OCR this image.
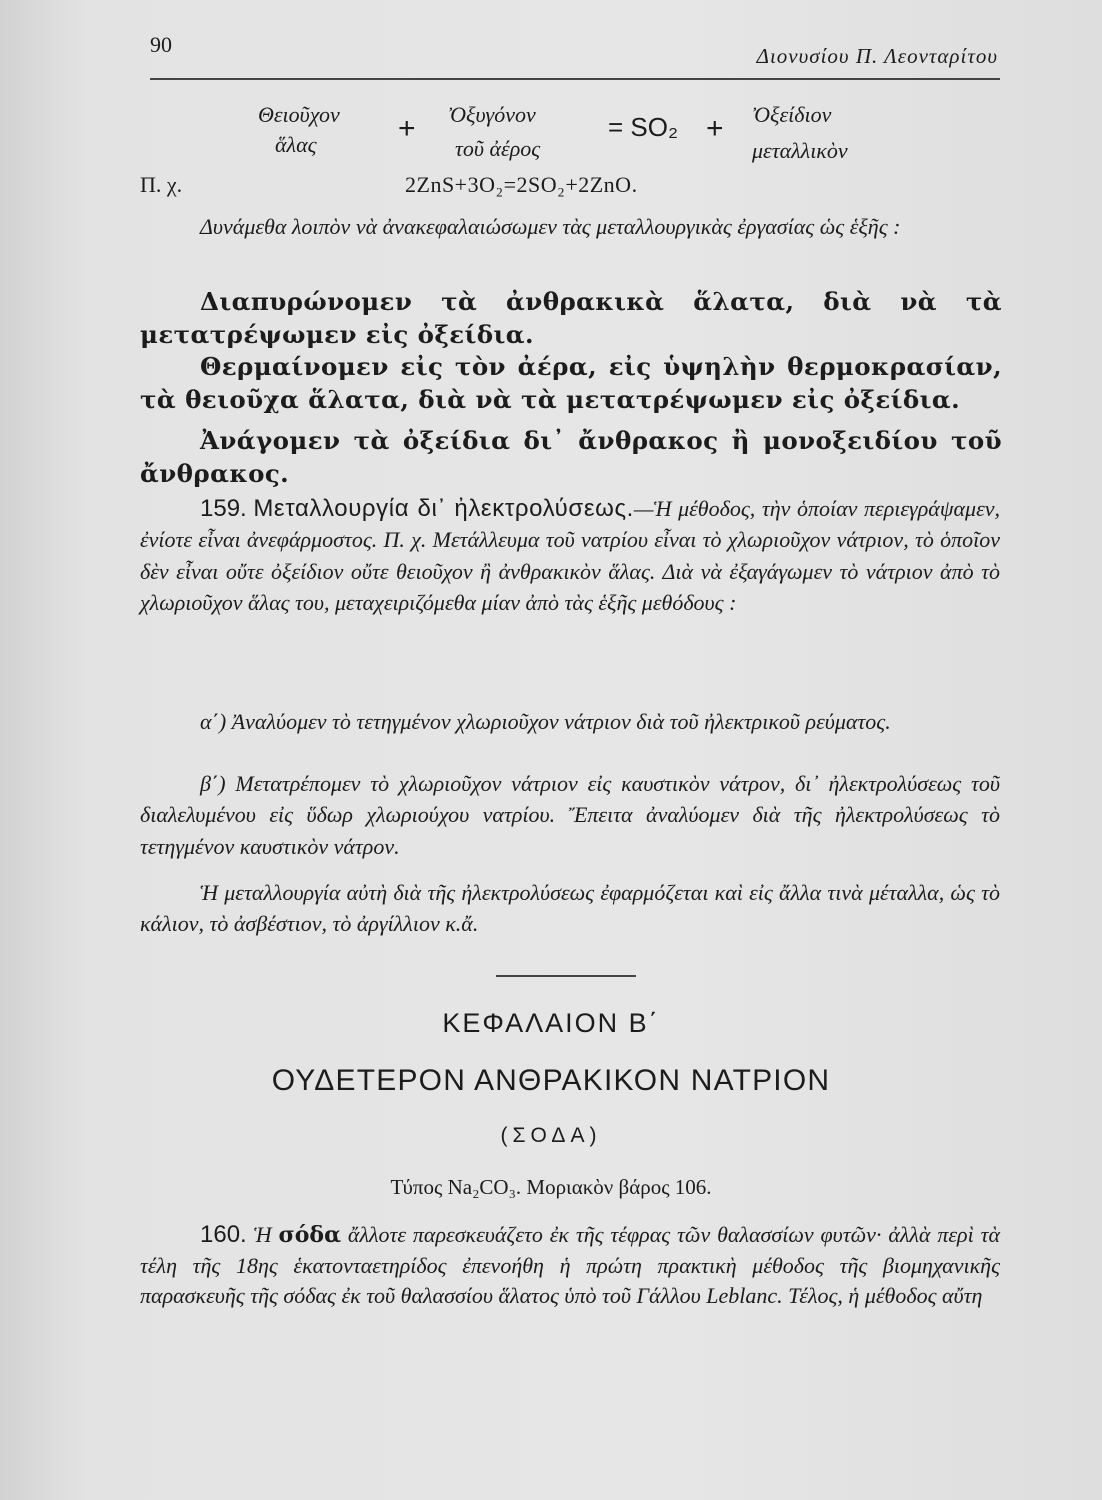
90	Διονυσίου Π. Λεονταρίτου
Θειοῦχον
ἅλας	+ Ὀξυγόνον
τοῦ ἀέρος
= SO₂ + Ὀξείδιον
μεταλλικὸν
Π. χ.	2ZnS+3O₂=2SO₂+2ZnO.
Δυνάμεθα λοιπὸν νὰ ἀνακεφαλαιώσωμεν τὰς μεταλλουργικὰς ἐργασίας ὡς ἑξῆς :
Διαπυρώνομεν τὰ ἀνθρακικὰ ἅλατα, διὰ νὰ τὰ μετατρέψωμεν εἰς ὀξείδια.
Θερμαίνομεν εἰς τὸν ἀέρα, εἰς ὑψηλὴν θερμοκρασίαν, τὰ θειοῦχα ἅλατα, διὰ νὰ τὰ μετατρέψωμεν εἰς ὀξείδια.
Ἀνάγομεν τὰ ὀξείδια δι᾽ ἄνθρακος ἢ μονοξειδίου τοῦ ἄνθρακος.
159. Μεταλλουργία δι᾽ ἠλεκτρολύσεως.—Ἡ μέθοδος, τὴν ὁποίαν περιεγράψαμεν, ἐνίοτε εἶναι ἀνεφάρμοστος. Π. χ. Μετάλλευμα τοῦ νατρίου εἶναι τὸ χλωριοῦχον νάτριον, τὸ ὁποῖον δὲν εἶναι οὔτε ὀξείδιον οὔτε θειοῦχον ἢ ἀνθρακικὸν ἅλας. Διὰ νὰ ἐξαγάγωμεν τὸ νάτριον ἀπὸ τὸ χλωριοῦχον ἅλας του, μεταχειριζόμεθα μίαν ἀπὸ τὰς ἑξῆς μεθόδους :
α΄) Ἀναλύομεν τὸ τετηγμένον χλωριοῦχον νάτριον διὰ τοῦ ἠλεκτρικοῦ ρεύματος.
β΄) Μετατρέπομεν τὸ χλωριοῦχον νάτριον εἰς καυστικὸν νάτρον, δι᾽ ἠλεκτρολύσεως τοῦ διαλελυμένου εἰς ὕδωρ χλωριούχου νατρίου. Ἔπειτα ἀναλύομεν διὰ τῆς ἠλεκτρολύσεως τὸ τετηγμένον καυστικὸν νάτρον.
Ἡ μεταλλουργία αὐτὴ διὰ τῆς ἠλεκτρολύσεως ἐφαρμόζεται καὶ εἰς ἄλλα τινὰ μέταλλα, ὡς τὸ κάλιον, τὸ ἀσβέστιον, τὸ ἀργίλλιον κ.ἄ.
ΚΕΦΑΛΑΙΟΝ Β΄
ΟΥΔΕΤΕΡΟΝ ΑΝΘΡΑΚΙΚΟΝ ΝΑΤΡΙΟΝ
(ΣΟΔΑ)
Τύπος Na₂CO₃. Μοριακὸν βάρος 106.
160. Ἡ σόδα ἄλλοτε παρεσκευάζετο ἐκ τῆς τέφρας τῶν θαλασσίων φυτῶν· ἀλλὰ περὶ τὰ τέλη τῆς 18ης ἑκατονταετηρίδος ἐπενοήθη ἡ πρώτη πρακτικὴ μέθοδος τῆς βιομηχανικῆς παρασκευῆς τῆς σόδας ἐκ τοῦ θαλασσίου ἅλατος ὑπὸ τοῦ Γάλλου Leblanc. Τέλος, ἡ μέθοδος αὔτη
